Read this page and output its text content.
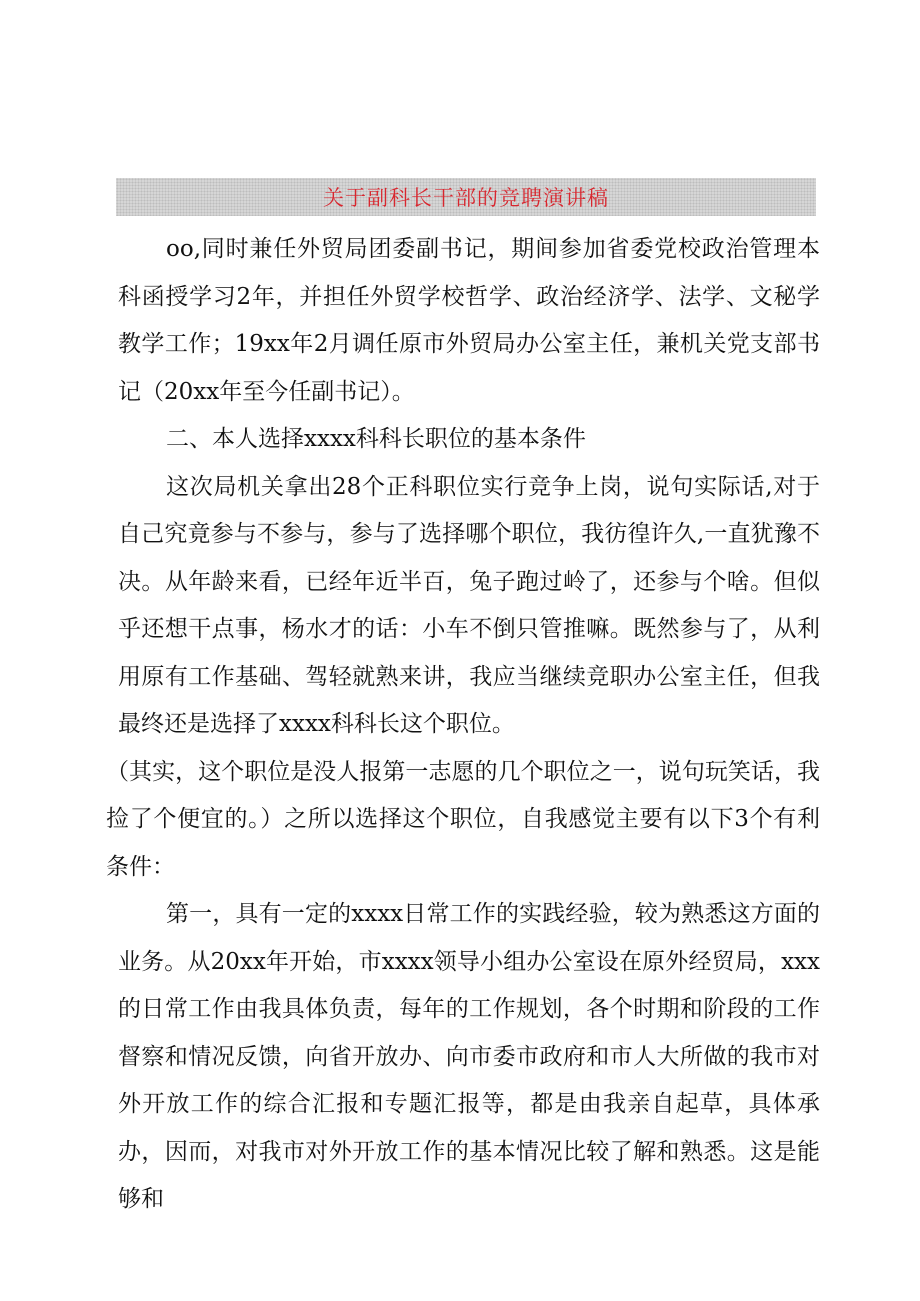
关于副科长干部的竞聘演讲稿

oo,同时兼任外贸局团委副书记，期间参加省委党校政治管理本科函授学习2年，并担任外贸学校哲学、政治经济学、法学、文秘学教学工作；19xx年2月调任原市外贸局办公室主任，兼机关党支部书记（20xx年至今任副书记）。

二、本人选择xxxx科科长职位的基本条件

这次局机关拿出28个正科职位实行竞争上岗，说句实际话,对于自己究竟参与不参与，参与了选择哪个职位，我彷徨许久,一直犹豫不决。从年龄来看，已经年近半百，兔子跑过岭了，还参与个啥。但似乎还想干点事，杨水才的话：小车不倒只管推嘛。既然参与了，从利用原有工作基础、驾轻就熟来讲，我应当继续竞职办公室主任，但我最终还是选择了xxxx科科长这个职位。

（其实，这个职位是没人报第一志愿的几个职位之一，说句玩笑话，我捡了个便宜的。）之所以选择这个职位，自我感觉主要有以下3个有利条件：

第一，具有一定的xxxx日常工作的实践经验，较为熟悉这方面的业务。从20xx年开始，市xxxx领导小组办公室设在原外经贸局，xxx的日常工作由我具体负责，每年的工作规划，各个时期和阶段的工作督察和情况反馈，向省开放办、向市委市政府和市人大所做的我市对外开放工作的综合汇报和专题汇报等，都是由我亲自起草，具体承办，因而，对我市对外开放工作的基本情况比较了解和熟悉。这是能够和
